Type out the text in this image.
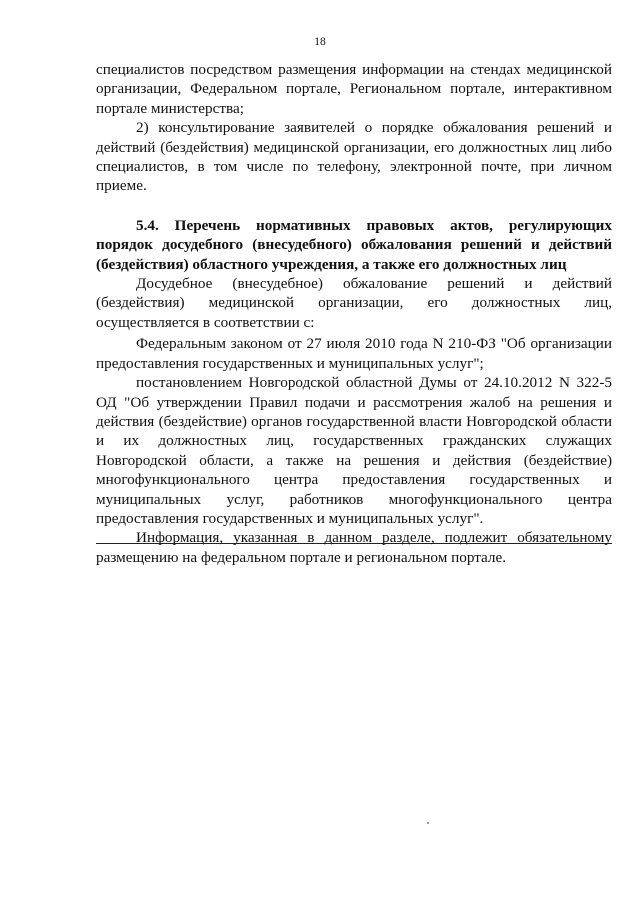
18

специалистов посредством размещения информации на стендах медицинской организации, Федеральном портале, Региональном портале, интерактивном портале министерства;

2) консультирование заявителей о порядке обжалования решений и действий (бездействия) медицинской организации, его должностных лиц либо специалистов, в том числе по телефону, электронной почте, при личном приеме.

5.4. Перечень нормативных правовых актов, регулирующих порядок досудебного (внесудебного) обжалования решений и действий (бездействия) областного учреждения, а также его должностных лиц

Досудебное (внесудебное) обжалование решений и действий (бездействия) медицинской организации, его должностных лиц, осуществляется в соответствии с:

Федеральным законом от 27 июля 2010 года N 210-ФЗ "Об организации предоставления государственных и муниципальных услуг";

постановлением Новгородской областной Думы от 24.10.2012 N 322-5 ОД "Об утверждении Правил подачи и рассмотрения жалоб на решения и действия (бездействие) органов государственной власти Новгородской области и их должностных лиц, государственных гражданских служащих Новгородской области, а также на решения и действия (бездействие) многофункционального центра предоставления государственных и муниципальных услуг, работников многофункционального центра предоставления государственных и муниципальных услуг".

Информация, указанная в данном разделе, подлежит обязательному размещению на федеральном портале и региональном портале.
